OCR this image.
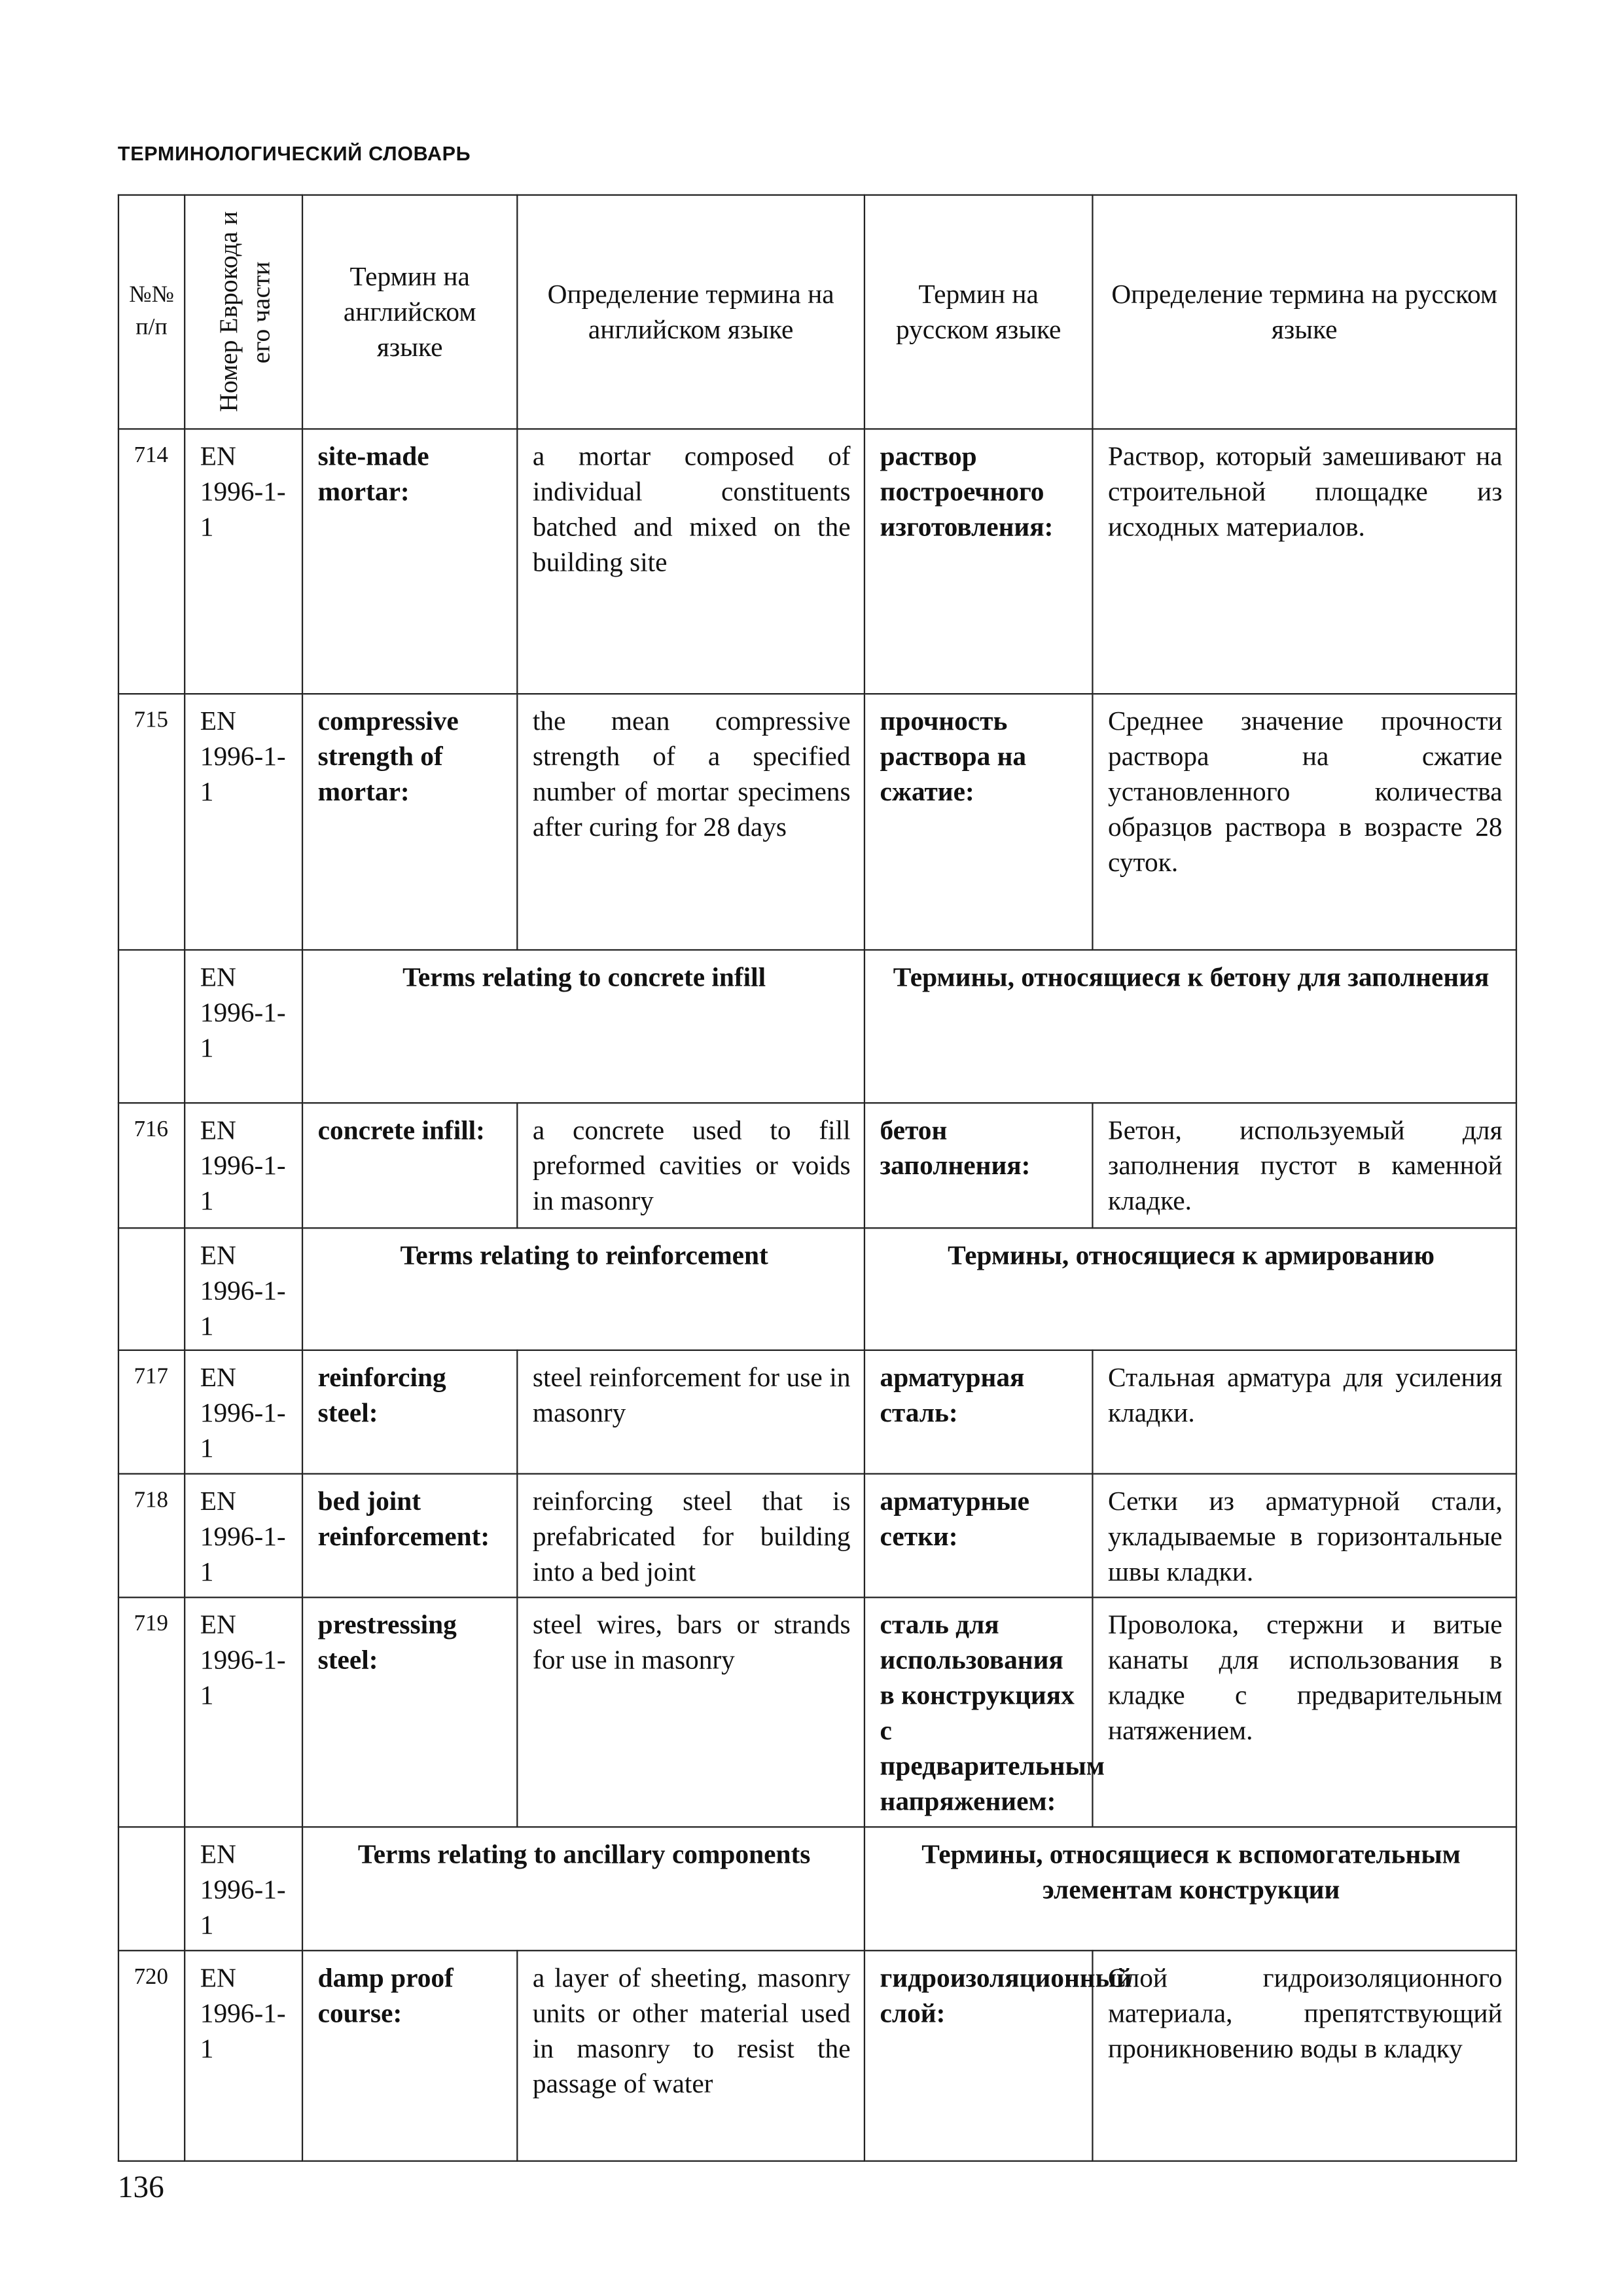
ТЕРМИНОЛОГИЧЕСКИЙ СЛОВАРЬ
№№ п/п	Номер Еврокода и его части	Термин на английском языке	Определение термина на английском языке	Термин на русском языке	Определение термина на русском языке
714	EN 1996-1-1	site-made mortar:	a mortar composed of individual constituents batched and mixed on the building site	раствор построечного изготовления:	Раствор, который замешивают на строительной площадке из исходных материалов.
715	EN 1996-1-1	compressive strength of mortar:	the mean compressive strength of a specified number of mortar specimens after curing for 28 days	прочность раствора на сжатие:	Среднее значение прочности раствора на сжатие установленного количества образцов раствора в возрасте 28 суток.
	EN 1996-1-1	Terms relating to concrete infill		Термины, относящиеся к бетону для заполнения	
716	EN 1996-1-1	concrete infill:	a concrete used to fill preformed cavities or voids in masonry	бетон заполнения:	Бетон, используемый для заполнения пустот в каменной кладке.
	EN 1996-1-1	Terms relating to reinforcement		Термины, относящиеся к армированию	
717	EN 1996-1-1	reinforcing steel:	steel reinforcement for use in masonry	арматурная сталь:	Стальная арматура для усиления кладки.
718	EN 1996-1-1	bed joint reinforcement:	reinforcing steel that is prefabricated for building into a bed joint	арматурные сетки:	Сетки из арматурной стали, укладываемые в горизонтальные швы кладки.
719	EN 1996-1-1	prestressing steel:	steel wires, bars or strands for use in masonry	сталь для использования в конструкциях с предварительным напряжением:	Проволока, стержни и витые канаты для использования в кладке с предварительным натяжением.
	EN 1996-1-1	Terms relating to ancillary components		Термины, относящиеся к вспомогательным элементам конструкции	
720	EN 1996-1-1	damp proof course:	a layer of sheeting, masonry units or other material used in masonry to resist the passage of water	гидроизоляционный слой:	Слой гидроизоляционного материала, препятствующий проникновению воды в кладку
136
